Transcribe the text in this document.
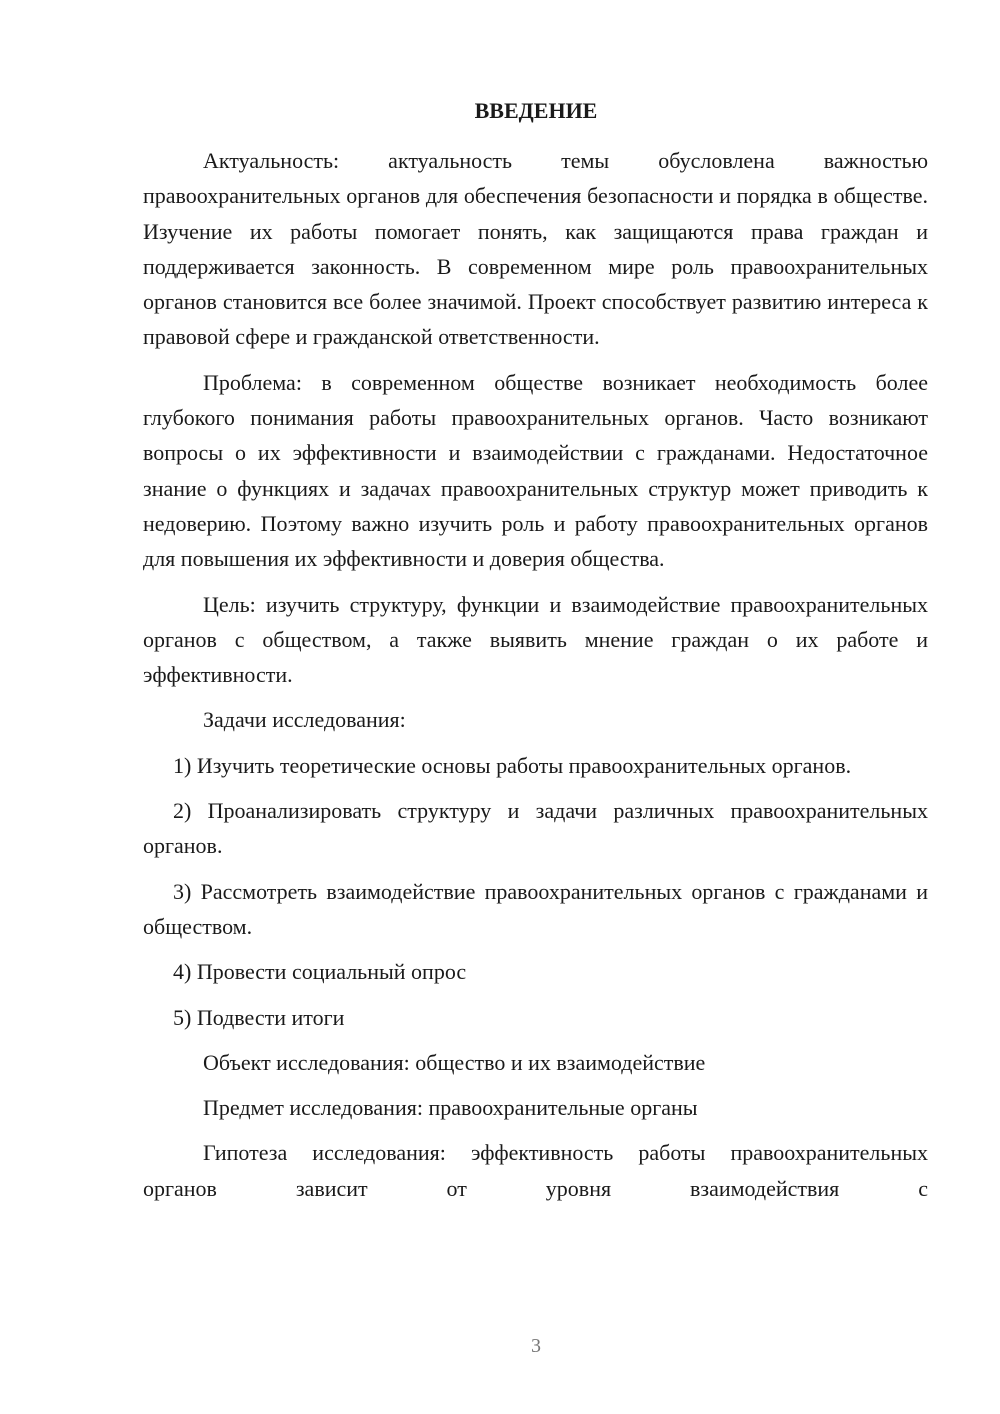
ВВЕДЕНИЕ

Актуальность: актуальность темы обусловлена важностью правоохранительных органов для обеспечения безопасности и порядка в обществе. Изучение их работы помогает понять, как защищаются права граждан и поддерживается законность. В современном мире роль правоохранительных органов становится все более значимой. Проект способствует развитию интереса к правовой сфере и гражданской ответственности.

Проблема: в современном обществе возникает необходимость более глубокого понимания работы правоохранительных органов. Часто возникают вопросы о их эффективности и взаимодействии с гражданами. Недостаточное знание о функциях и задачах правоохранительных структур может приводить к недоверию. Поэтому важно изучить роль и работу правоохранительных органов для повышения их эффективности и доверия общества.

Цель: изучить структуру, функции и взаимодействие правоохранительных органов с обществом, а также выявить мнение граждан о их работе и эффективности.

Задачи исследования:

1) Изучить теоретические основы работы правоохранительных органов.

2) Проанализировать структуру и задачи различных правоохранительных органов.

3) Рассмотреть взаимодействие правоохранительных органов с гражданами и обществом.

4) Провести социальный опрос

5) Подвести итоги

Объект исследования: общество и их взаимодействие

Предмет исследования: правоохранительные органы

Гипотеза исследования: эффективность работы правоохранительных органов зависит от уровня взаимодействия с

3
